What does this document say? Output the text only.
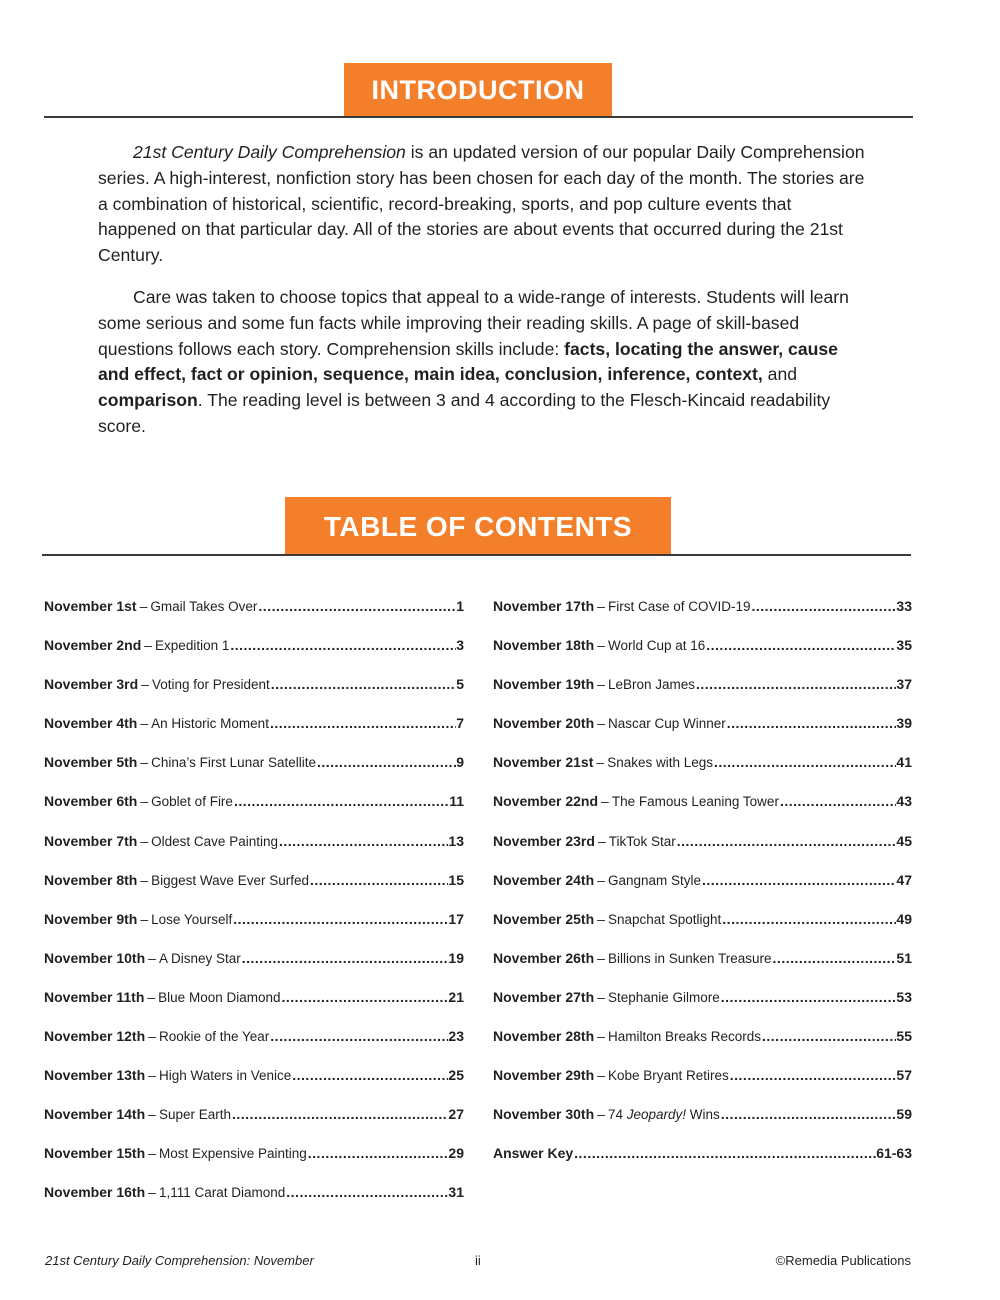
INTRODUCTION

21st Century Daily Comprehension is an updated version of our popular Daily Comprehension series. A high-interest, nonfiction story has been chosen for each day of the month. The stories are a combination of historical, scientific, record-breaking, sports, and pop culture events that happened on that particular day. All of the stories are about events that occurred during the 21st Century.

Care was taken to choose topics that appeal to a wide-range of interests. Students will learn some serious and some fun facts while improving their reading skills. A page of skill-based questions follows each story. Comprehension skills include: facts, locating the answer, cause and effect, fact or opinion, sequence, main idea, conclusion, inference, context, and comparison. The reading level is between 3 and 4 according to the Flesch-Kincaid readability score.

TABLE OF CONTENTS
November 1st – Gmail Takes Over .....	1
November 2nd – Expedition 1 .....	3
November 3rd – Voting for President .....	5
November 4th – An Historic Moment .....	7
November 5th – China’s First Lunar Satellite .....	9
November 6th – Goblet of Fire .....	11
November 7th – Oldest Cave Painting .....	13
November 8th – Biggest Wave Ever Surfed .....	15
November 9th – Lose Yourself .....	17
November 10th – A Disney Star .....	19
November 11th – Blue Moon Diamond .....	21
November 12th – Rookie of the Year .....	23
November 13th – High Waters in Venice .....	25
November 14th – Super Earth .....	27
November 15th – Most Expensive Painting .....	29
November 16th – 1,111 Carat Diamond .....	31
November 17th – First Case of COVID-19 .....	33
November 18th – World Cup at 16 .....	35
November 19th – LeBron James .....	37
November 20th – Nascar Cup Winner .....	39
November 21st – Snakes with Legs .....	41
November 22nd – The Famous Leaning Tower .....	43
November 23rd – TikTok Star .....	45
November 24th – Gangnam Style .....	47
November 25th – Snapchat Spotlight .....	49
November 26th – Billions in Sunken Treasure .....	51
November 27th – Stephanie Gilmore .....	53
November 28th – Hamilton Breaks Records .....	55
November 29th – Kobe Bryant Retires .....	57
November 30th – 74 Jeopardy! Wins .....	59
Answer Key .....	61-63
21st Century Daily Comprehension: November	ii	©Remedia Publications
